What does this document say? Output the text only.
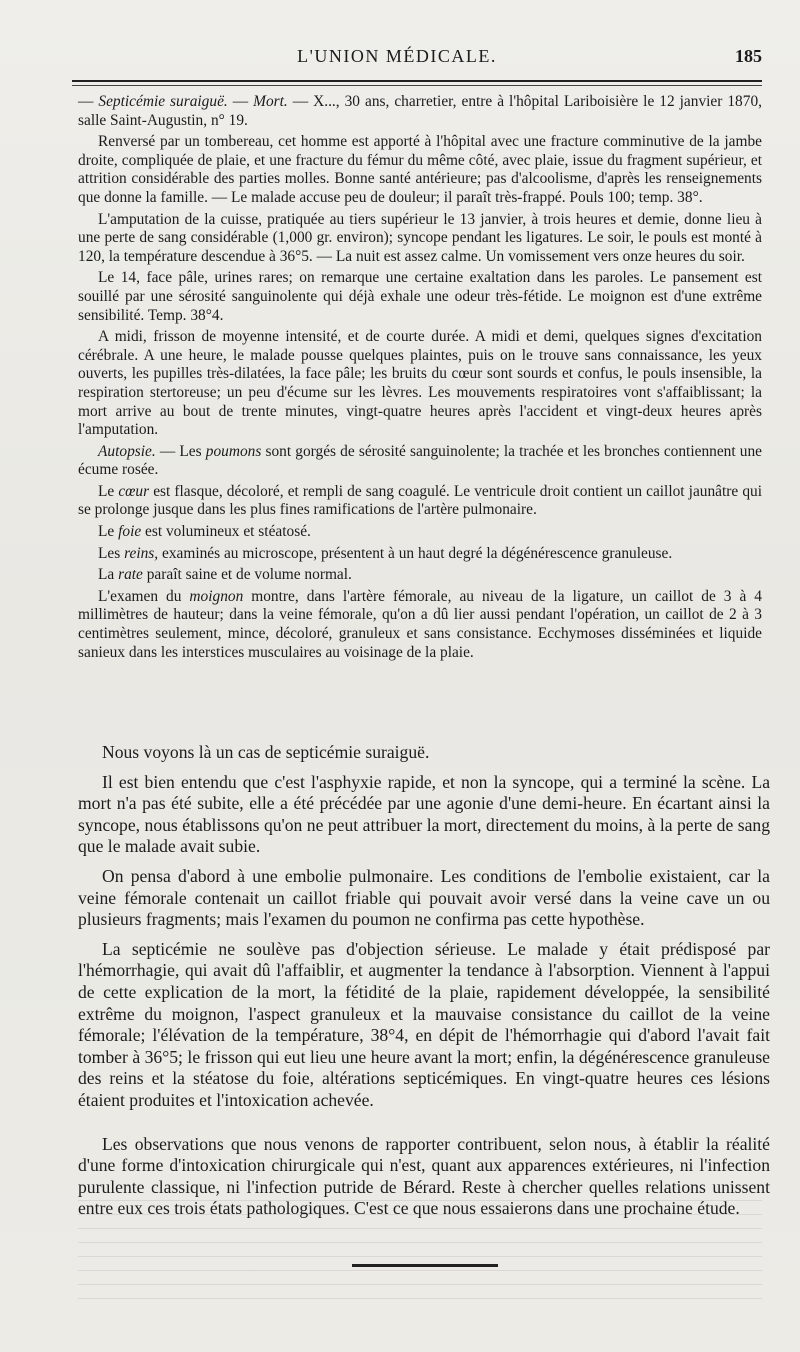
L'UNION MÉDICALE.	185

— Septicémie suraiguë. — Mort. — X..., 30 ans, charretier, entre à l'hôpital Lariboisière le 12 janvier 1870, salle Saint-Augustin, n° 19.

Renversé par un tombereau, cet homme est apporté à l'hôpital avec une fracture comminutive de la jambe droite, compliquée de plaie, et une fracture du fémur du même côté, avec plaie, issue du fragment supérieur, et attrition considérable des parties molles. Bonne santé antérieure; pas d'alcoolisme, d'après les renseignements que donne la famille. — Le malade accuse peu de douleur; il paraît très-frappé. Pouls 100; temp. 38°.

L'amputation de la cuisse, pratiquée au tiers supérieur le 13 janvier, à trois heures et demie, donne lieu à une perte de sang considérable (1,000 gr. environ); syncope pendant les ligatures. Le soir, le pouls est monté à 120, la température descendue à 36°5. — La nuit est assez calme. Un vomissement vers onze heures du soir.

Le 14, face pâle, urines rares; on remarque une certaine exaltation dans les paroles. Le pansement est souillé par une sérosité sanguinolente qui déjà exhale une odeur très-fétide. Le moignon est d'une extrême sensibilité. Temp. 38°4.

A midi, frisson de moyenne intensité, et de courte durée. A midi et demi, quelques signes d'excitation cérébrale. A une heure, le malade pousse quelques plaintes, puis on le trouve sans connaissance, les yeux ouverts, les pupilles très-dilatées, la face pâle; les bruits du cœur sont sourds et confus, le pouls insensible, la respiration stertoreuse; un peu d'écume sur les lèvres. Les mouvements respiratoires vont s'affaiblissant; la mort arrive au bout de trente minutes, vingt-quatre heures après l'accident et vingt-deux heures après l'amputation.

Autopsie. — Les poumons sont gorgés de sérosité sanguinolente; la trachée et les bronches contiennent une écume rosée.

Le cœur est flasque, décoloré, et rempli de sang coagulé. Le ventricule droit contient un caillot jaunâtre qui se prolonge jusque dans les plus fines ramifications de l'artère pulmonaire.

Le foie est volumineux et stéatosé.

Les reins, examinés au microscope, présentent à un haut degré la dégénérescence granuleuse.

La rate paraît saine et de volume normal.

L'examen du moignon montre, dans l'artère fémorale, au niveau de la ligature, un caillot de 3 à 4 millimètres de hauteur; dans la veine fémorale, qu'on a dû lier aussi pendant l'opération, un caillot de 2 à 3 centimètres seulement, mince, décoloré, granuleux et sans consistance. Ecchymoses disséminées et liquide sanieux dans les interstices musculaires au voisinage de la plaie.

Nous voyons là un cas de septicémie suraiguë.

Il est bien entendu que c'est l'asphyxie rapide, et non la syncope, qui a terminé la scène. La mort n'a pas été subite, elle a été précédée par une agonie d'une demi-heure. En écartant ainsi la syncope, nous établissons qu'on ne peut attribuer la mort, directement du moins, à la perte de sang que le malade avait subie.

On pensa d'abord à une embolie pulmonaire. Les conditions de l'embolie existaient, car la veine fémorale contenait un caillot friable qui pouvait avoir versé dans la veine cave un ou plusieurs fragments; mais l'examen du poumon ne confirma pas cette hypothèse.

La septicémie ne soulève pas d'objection sérieuse. Le malade y était prédisposé par l'hémorrhagie, qui avait dû l'affaiblir, et augmenter la tendance à l'absorption. Viennent à l'appui de cette explication de la mort, la fétidité de la plaie, rapidement développée, la sensibilité extrême du moignon, l'aspect granuleux et la mauvaise consistance du caillot de la veine fémorale; l'élévation de la température, 38°4, en dépit de l'hémorrhagie qui d'abord l'avait fait tomber à 36°5; le frisson qui eut lieu une heure avant la mort; enfin, la dégénérescence granuleuse des reins et la stéatose du foie, altérations septicémiques. En vingt-quatre heures ces lésions étaient produites et l'intoxication achevée.

Les observations que nous venons de rapporter contribuent, selon nous, à établir la réalité d'une forme d'intoxication chirurgicale qui n'est, quant aux apparences extérieures, ni l'infection purulente classique, ni l'infection putride de Bérard. Reste à chercher quelles relations unissent entre eux ces trois états pathologiques. C'est ce que nous essaierons dans une prochaine étude.
